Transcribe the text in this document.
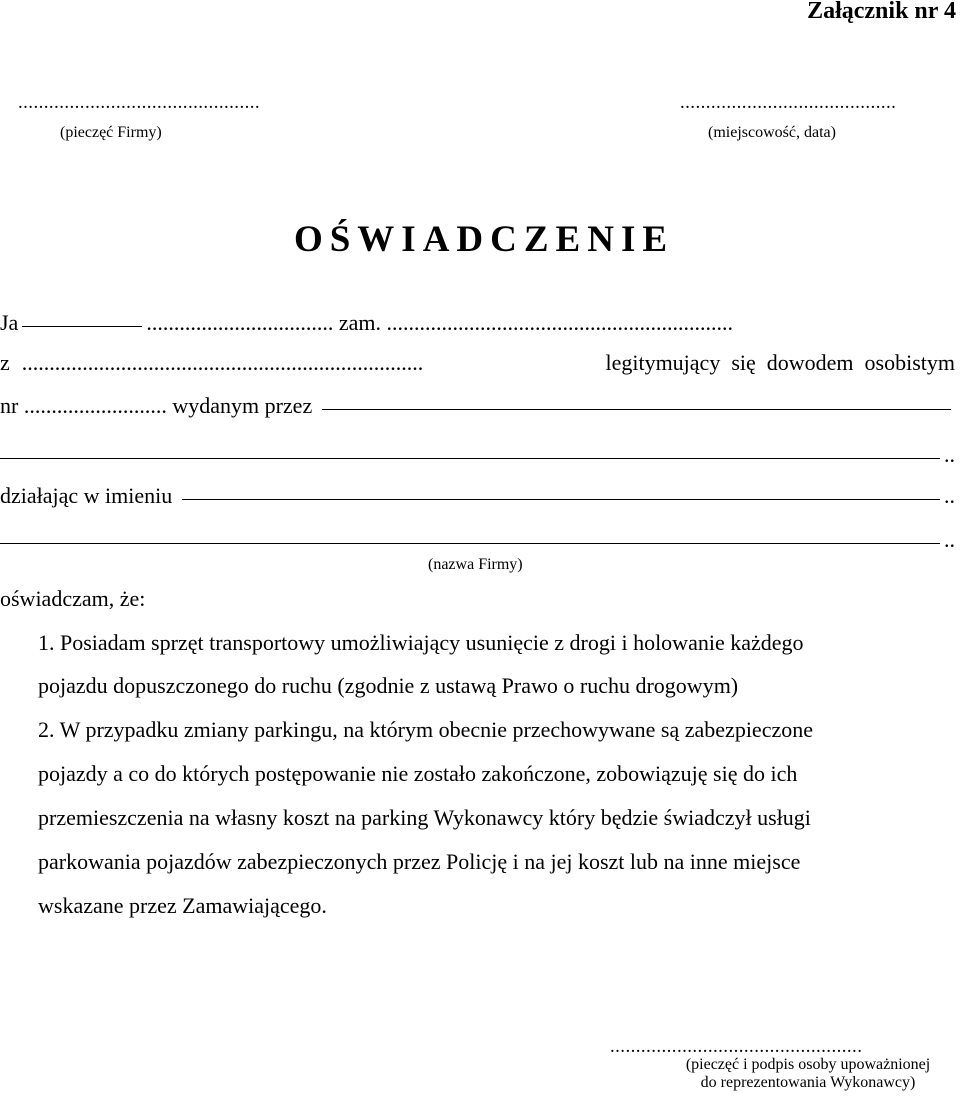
Załącznik nr 4
...............................................	..........................................
(pieczęć Firmy)	(miejscowość, data)
OŚWIADCZENIE
Ja	.................................. zam. ...............................................................
z .........................................................................	legitymujący  się  dowodem  osobistym
nr .......................... wydanym przez
..
działając w imieniu	..
..
(nazwa Firmy)
oświadczam, że:
1. Posiadam sprzęt transportowy umożliwiający usunięcie z drogi i holowanie każdego
pojazdu dopuszczonego do ruchu (zgodnie z ustawą Prawo o ruchu drogowym)
2. W przypadku zmiany parkingu, na którym obecnie przechowywane są zabezpieczone
pojazdy a co do których postępowanie nie zostało zakończone, zobowiązuję się do ich
przemieszczenia na własny koszt na parking Wykonawcy który będzie świadczył usługi
parkowania pojazdów zabezpieczonych przez Policję i na jej koszt lub na inne miejsce
wskazane przez Zamawiającego.
.................................................
(pieczęć i podpis osoby upoważnionej
do reprezentowania Wykonawcy)
